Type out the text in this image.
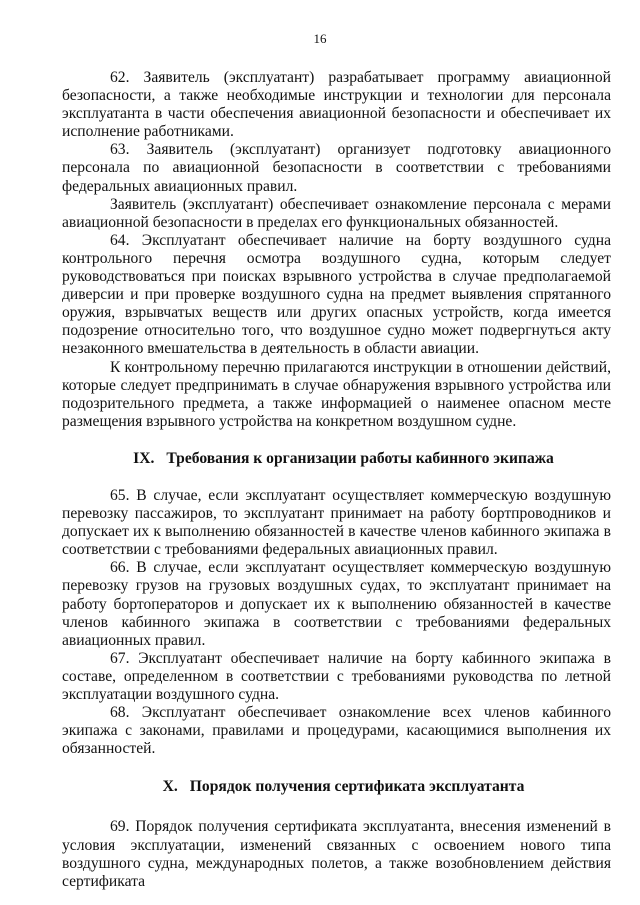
16

62. Заявитель (эксплуатант) разрабатывает программу авиационной безопасности, а также необходимые инструкции и технологии для персонала эксплуатанта в части обеспечения авиационной безопасности и обеспечивает их исполнение работниками.

63. Заявитель (эксплуатант) организует подготовку авиационного персонала по авиационной безопасности в соответствии с требованиями федеральных авиационных правил.

Заявитель (эксплуатант) обеспечивает ознакомление персонала с мерами авиационной безопасности в пределах его функциональных обязанностей.

64. Эксплуатант обеспечивает наличие на борту воздушного судна контрольного перечня осмотра воздушного судна, которым следует руководствоваться при поисках взрывного устройства в случае предполагаемой диверсии и при проверке воздушного судна на предмет выявления спрятанного оружия, взрывчатых веществ или других опасных устройств, когда имеется подозрение относительно того, что воздушное судно может подвергнуться акту незаконного вмешательства в деятельность в области авиации.

К контрольному перечню прилагаются инструкции в отношении действий, которые следует предпринимать в случае обнаружения взрывного устройства или подозрительного предмета, а также информацией о наименее опасном месте размещения взрывного устройства на конкретном воздушном судне.

IX. Требования к организации работы кабинного экипажа

65. В случае, если эксплуатант осуществляет коммерческую воздушную перевозку пассажиров, то эксплуатант принимает на работу бортпроводников и допускает их к выполнению обязанностей в качестве членов кабинного экипажа в соответствии с требованиями федеральных авиационных правил.

66. В случае, если эксплуатант осуществляет коммерческую воздушную перевозку грузов на грузовых воздушных судах, то эксплуатант принимает на работу бортоператоров и допускает их к выполнению обязанностей в качестве членов кабинного экипажа в соответствии с требованиями федеральных авиационных правил.

67. Эксплуатант обеспечивает наличие на борту кабинного экипажа в составе, определенном в соответствии с требованиями руководства по летной эксплуатации воздушного судна.

68. Эксплуатант обеспечивает ознакомление всех членов кабинного экипажа с законами, правилами и процедурами, касающимися выполнения их обязанностей.

X. Порядок получения сертификата эксплуатанта

69. Порядок получения сертификата эксплуатанта, внесения изменений в условия эксплуатации, изменений связанных с освоением нового типа воздушного судна, международных полетов, а также возобновлением действия сертификата
